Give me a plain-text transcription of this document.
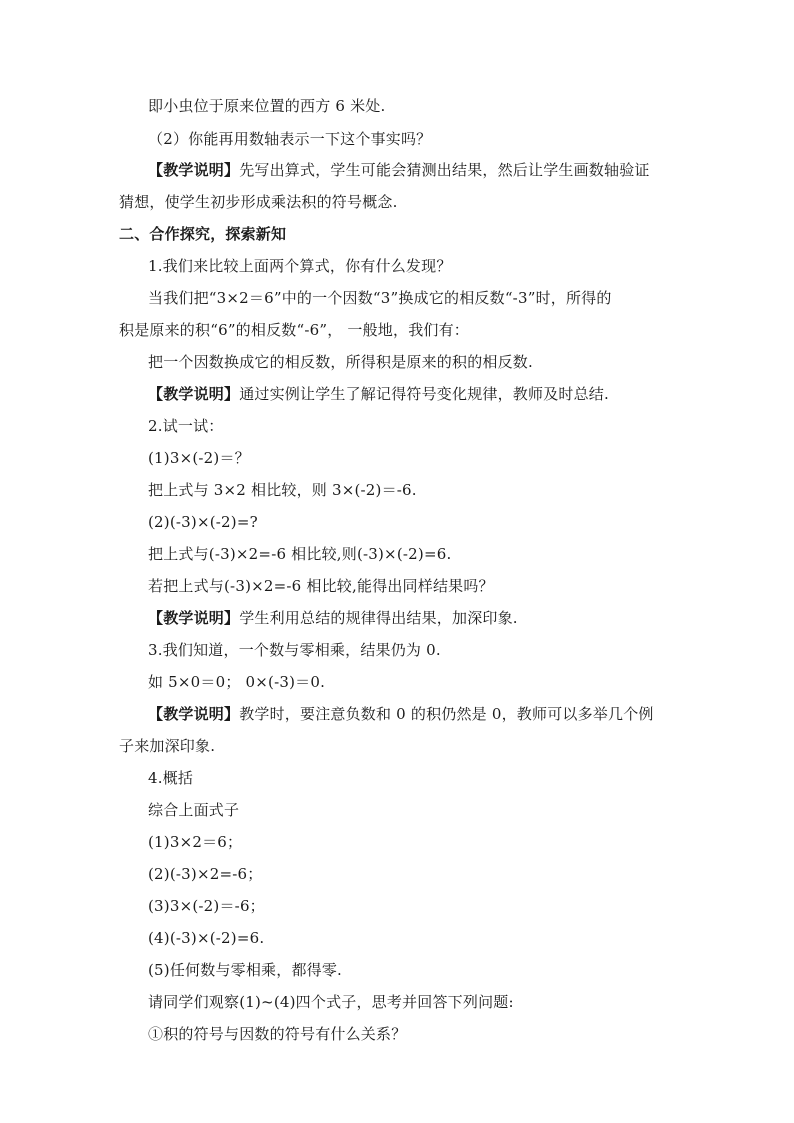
即小虫位于原来位置的西方 6 米处.
（2）你能再用数轴表示一下这个事实吗？
【教学说明】先写出算式，学生可能会猜测出结果，然后让学生画数轴验证
猜想，使学生初步形成乘法积的符号概念.
二、合作探究，探索新知
1.我们来比较上面两个算式，你有什么发现？
当我们把“3×2＝6”中的一个因数“3”换成它的相反数“-3”时，所得的
积是原来的积“6”的相反数“-6”， 一般地，我们有：
把一个因数换成它的相反数，所得积是原来的积的相反数.
【教学说明】通过实例让学生了解记得符号变化规律，教师及时总结.
2.试一试：
(1)3×(-2)＝？
把上式与 3×2 相比较，则 3×(-2)＝-6.
(2)(-3)×(-2)=?
把上式与(-3)×2=-6 相比较,则(-3)×(-2)=6.
若把上式与(-3)×2=-6 相比较,能得出同样结果吗？
【教学说明】学生利用总结的规律得出结果，加深印象.
3.我们知道，一个数与零相乘，结果仍为 0.
如 5×0＝0； 0×(-3)＝0.
【教学说明】教学时，要注意负数和 0 的积仍然是 0，教师可以多举几个例
子来加深印象.
4.概括
综合上面式子
(1)3×2＝6；
(2)(-3)×2=-6；
(3)3×(-2)＝-6；
(4)(-3)×(-2)=6.
(5)任何数与零相乘，都得零.
请同学们观察(1)~(4)四个式子，思考并回答下列问题:
①积的符号与因数的符号有什么关系？
